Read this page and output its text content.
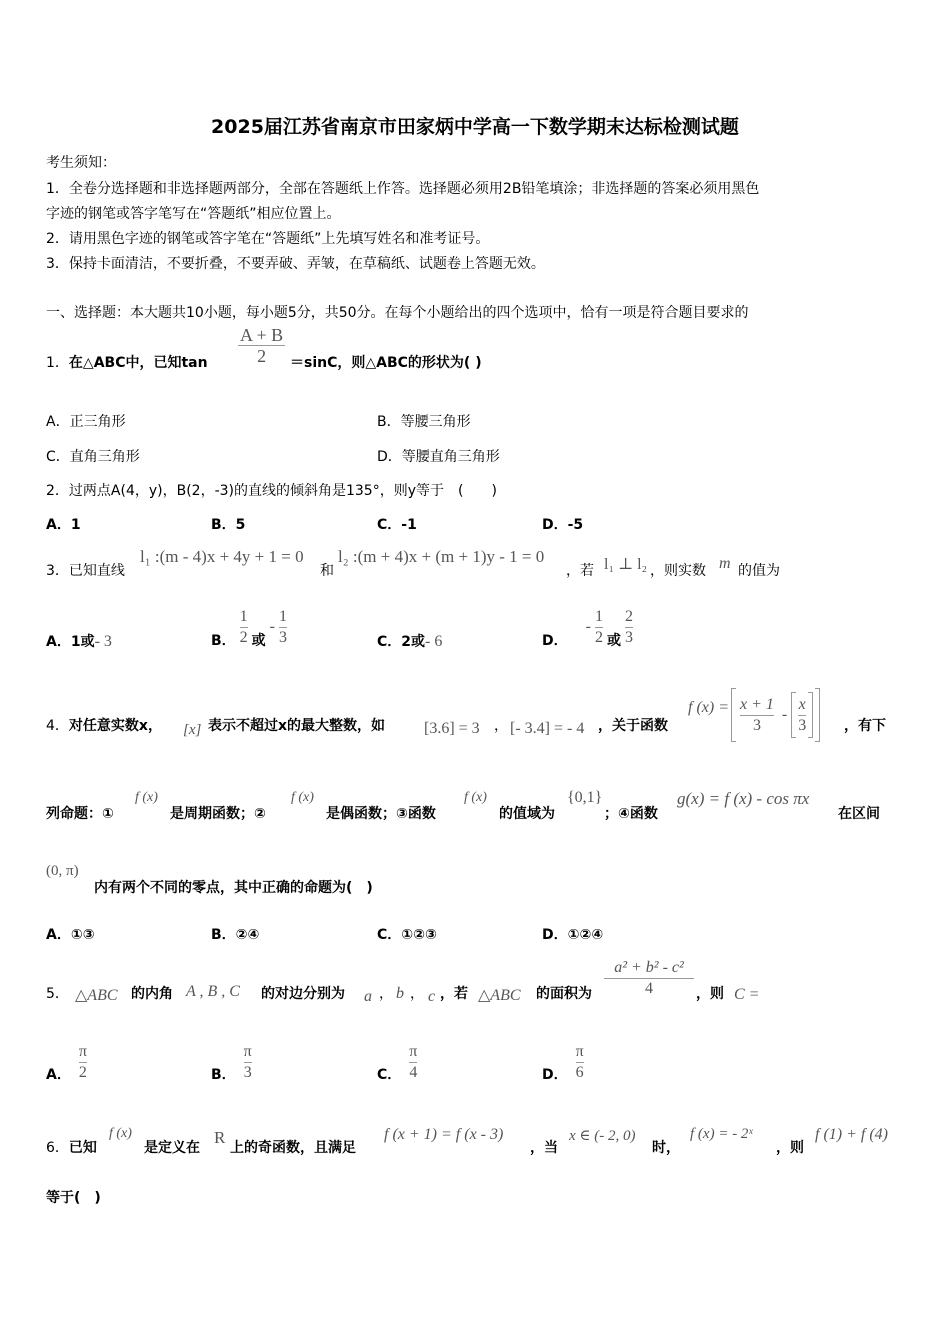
2025届江苏省南京市田家炳中学高一下数学期末达标检测试题
考生须知：
1．全卷分选择题和非选择题两部分，全部在答题纸上作答。选择题必须用2B铅笔填涂；非选择题的答案必须用黑色
字迹的钢笔或答字笔写在“答题纸”相应位置上。
2．请用黑色字迹的钢笔或答字笔在“答题纸”上先填写姓名和准考证号。
3．保持卡面清洁，不要折叠，不要弄破、弄皱，在草稿纸、试题卷上答题无效。
一、选择题：本大题共10小题，每小题5分，共50分。在每个小题给出的四个选项中，恰有一项是符合题目要求的
1．在△ABC中，已知$\tan \frac{A + B}{2} =\sin C$，则△ABC的形状为( )
A．正三角形	B．等腰三角形
C．直角三角形	D．等腰直角三角形
2．过两点A(4，y)，B(2，-3)的直线的倾斜角是135°，则y等于　(　　)
A．1	B．5	C．-1	D．-5
3．已知直线
l₁ :(m - 4)x + 4y + 1 = 0
和
l₂ :(m + 4)x + (m + 1)y - 1 = 0
，若 l₁ ⊥ l₂ ，则实数 m 的值为
A．1或- 3	B． $\frac{1}{2}$ 或
- $\frac{1}{3}$	C．2或- 6	D．
- $\frac{1}{2}$ 或 $\frac{2}{3}$
4．对任意实数x， [x] 表示不超过x的最大整数，如 [3.6] = 3 ， [- 3.4] = - 4 ，关于函数
f $(x) = \frac{x + 1}{3} - \frac{x}{3}$	，有下
列命题：①
f (x)
是周期函数；②
f (x)
是偶函数；③函数
f (x)
的值域为
{0,1}
；④函数
g(x) = f (x) - cos πx
在区间
(0, π)
内有两个不同的零点，其中正确的命题为(　)
A．①③	B．②④	C．①②③	D．①②④
5． △ABC 的内角 A , B , C 的对边分别为 a ， b ， c ，若 △ABC 的面积为 $\frac{\text{a² + b² - c²}}{4}$ ，则 C =
A． $\frac{\pi}{2}$	B． $\frac{\pi}{3}$	C． $\frac{\pi}{4}$	D． $\frac{\pi}{6}$
6．已知
f (x)
是定义在
R
上的奇函数，且满足
f (x + 1) = f (x - 3)
，当
x ∈ (- 2, 0)
时，
f (x) = - 2ˣ
，则
f (1) + f (4)
等于(　)
